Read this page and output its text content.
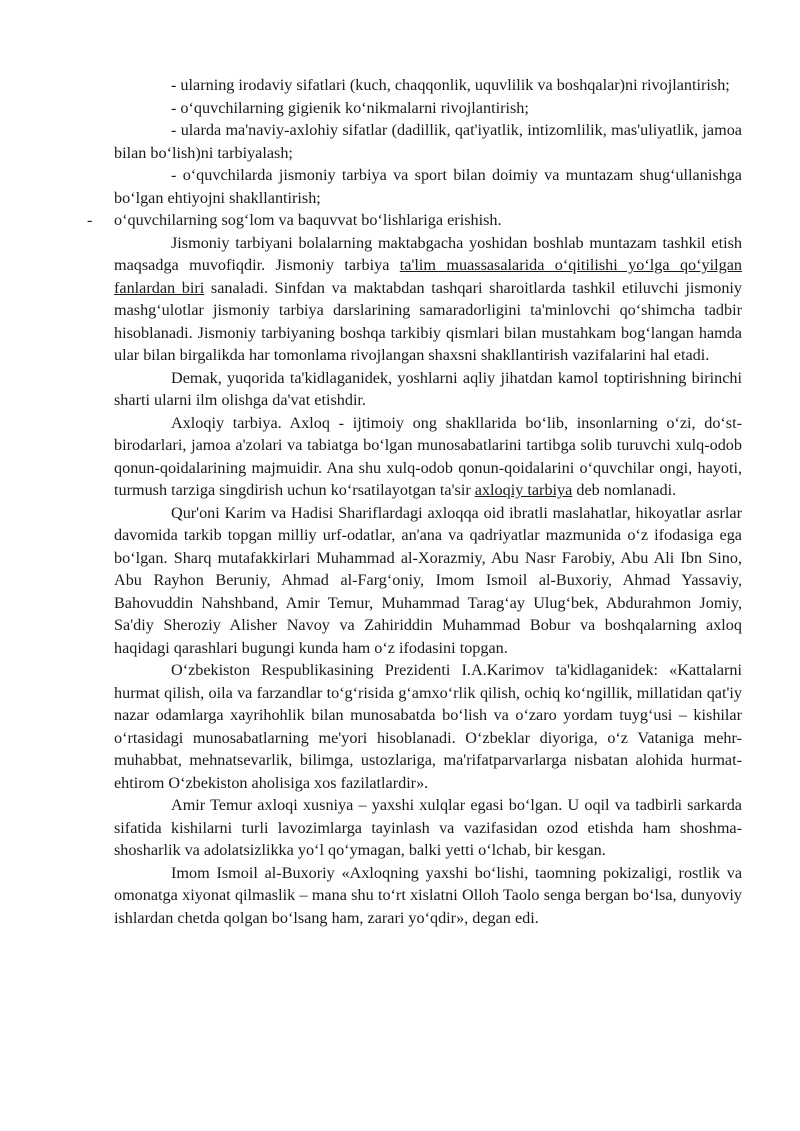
- ularning irodaviy sifatlari (kuch, chaqqonlik, uquvlilik va boshqalar)ni rivojlantirish;

- oʻquvchilarning gigienik koʻnikmalarni rivojlantirish;

- ularda ma'naviy-axlohiy sifatlar (dadillik, qat'iyatlik, intizomlilik, mas'uliyatlik, jamoa bilan boʻlish)ni tarbiyalash;

- oʻquvchilarda jismoniy tarbiya va sport bilan doimiy va muntazam shugʻullanishga boʻlgan ehtiyojni shakllantirish;

- oʻquvchilarning sogʻlom va baquvvat boʻlishlariga erishish.

Jismoniy tarbiyani bolalarning maktabgacha yoshidan boshlab muntazam tashkil etish maqsadga muvofiqdir. Jismoniy tarbiya ta'lim muassasalarida oʻqitilishi yoʻlga qoʻyilgan fanlardan biri sanaladi. Sinfdan va maktabdan tashqari sharoitlarda tashkil etiluvchi jismoniy mashgʻulotlar jismoniy tarbiya darslarining samaradorligini ta'minlovchi qoʻshimcha tadbir hisoblanadi. Jismoniy tarbiyaning boshqa tarkibiy qismlari bilan mustahkam bogʻlangan hamda ular bilan birgalikda har tomonlama rivojlangan shaxsni shakllantirish vazifalarini hal etadi.

Demak, yuqorida ta'kidlaganidek, yoshlarni aqliy jihatdan kamol toptirishning birinchi sharti ularni ilm olishga da'vat etishdir.

Axloqiy tarbiya. Axloq - ijtimoiy ong shakllarida boʻlib, insonlarning oʻzi, doʻst-birodarlari, jamoa a'zolari va tabiatga boʻlgan munosabatlarini tartibga solib turuvchi xulq-odob qonun-qoidalarining majmuidir. Ana shu xulq-odob qonun-qoidalarini oʻquvchilar ongi, hayoti, turmush tarziga singdirish uchun koʻrsatilayotgan ta'sir axloqiy tarbiya deb nomlanadi.

Qur'oni Karim va Hadisi Shariflardagi axloqqa oid ibratli maslahatlar, hikoyatlar asrlar davomida tarkib topgan milliy urf-odatlar, an'ana va qadriyatlar mazmunida oʻz ifodasiga ega boʻlgan. Sharq mutafakkirlari Muhammad al-Xorazmiy, Abu Nasr Farobiy, Abu Ali Ibn Sino, Abu Rayhon Beruniy, Ahmad al-Fargʻoniy, Imom Ismoil al-Buxoriy, Ahmad Yassaviy, Bahovuddin Nahshband, Amir Temur, Muhammad Taragʻay Ulugʻbek, Abdurahmon Jomiy, Sa'diy Sheroziy Alisher Navoy va Zahiriddin Muhammad Bobur va boshqalarning axloq haqidagi qarashlari bugungi kunda ham oʻz ifodasini topgan.

Oʻzbekiston Respublikasining Prezidenti I.A.Karimov ta'kidlaganidek: «Kattalarni hurmat qilish, oila va farzandlar toʻgʻrisida gʻamxoʻrlik qilish, ochiq koʻngillik, millatidan qat'iy nazar odamlarga xayrihohlik bilan munosabatda boʻlish va oʻzaro yordam tuygʻusi – kishilar oʻrtasidagi munosabatlarning me'yori hisoblanadi. Oʻzbeklar diyoriga, oʻz Vataniga mehr-muhabbat, mehnatsevarlik, bilimga, ustozlariga, ma'rifatparvarlarga nisbatan alohida hurmat-ehtirom Oʻzbekiston aholisiga xos fazilatlardir».

Amir Temur axloqi xusniya – yaxshi xulqlar egasi boʻlgan. U oqil va tadbirli sarkarda sifatida kishilarni turli lavozimlarga tayinlash va vazifasidan ozod etishda ham shoshma-shosharlik va adolatsizlikka yoʻl qoʻymagan, balki yetti oʻlchab, bir kesgan.

Imom Ismoil al-Buxoriy «Axloqning yaxshi boʻlishi, taomning pokizaligi, rostlik va omonatga xiyonat qilmaslik – mana shu toʻrt xislatni Olloh Taolo senga bergan boʻlsa, dunyoviy ishlardan chetda qolgan boʻlsang ham, zarari yoʻqdir», degan edi.
